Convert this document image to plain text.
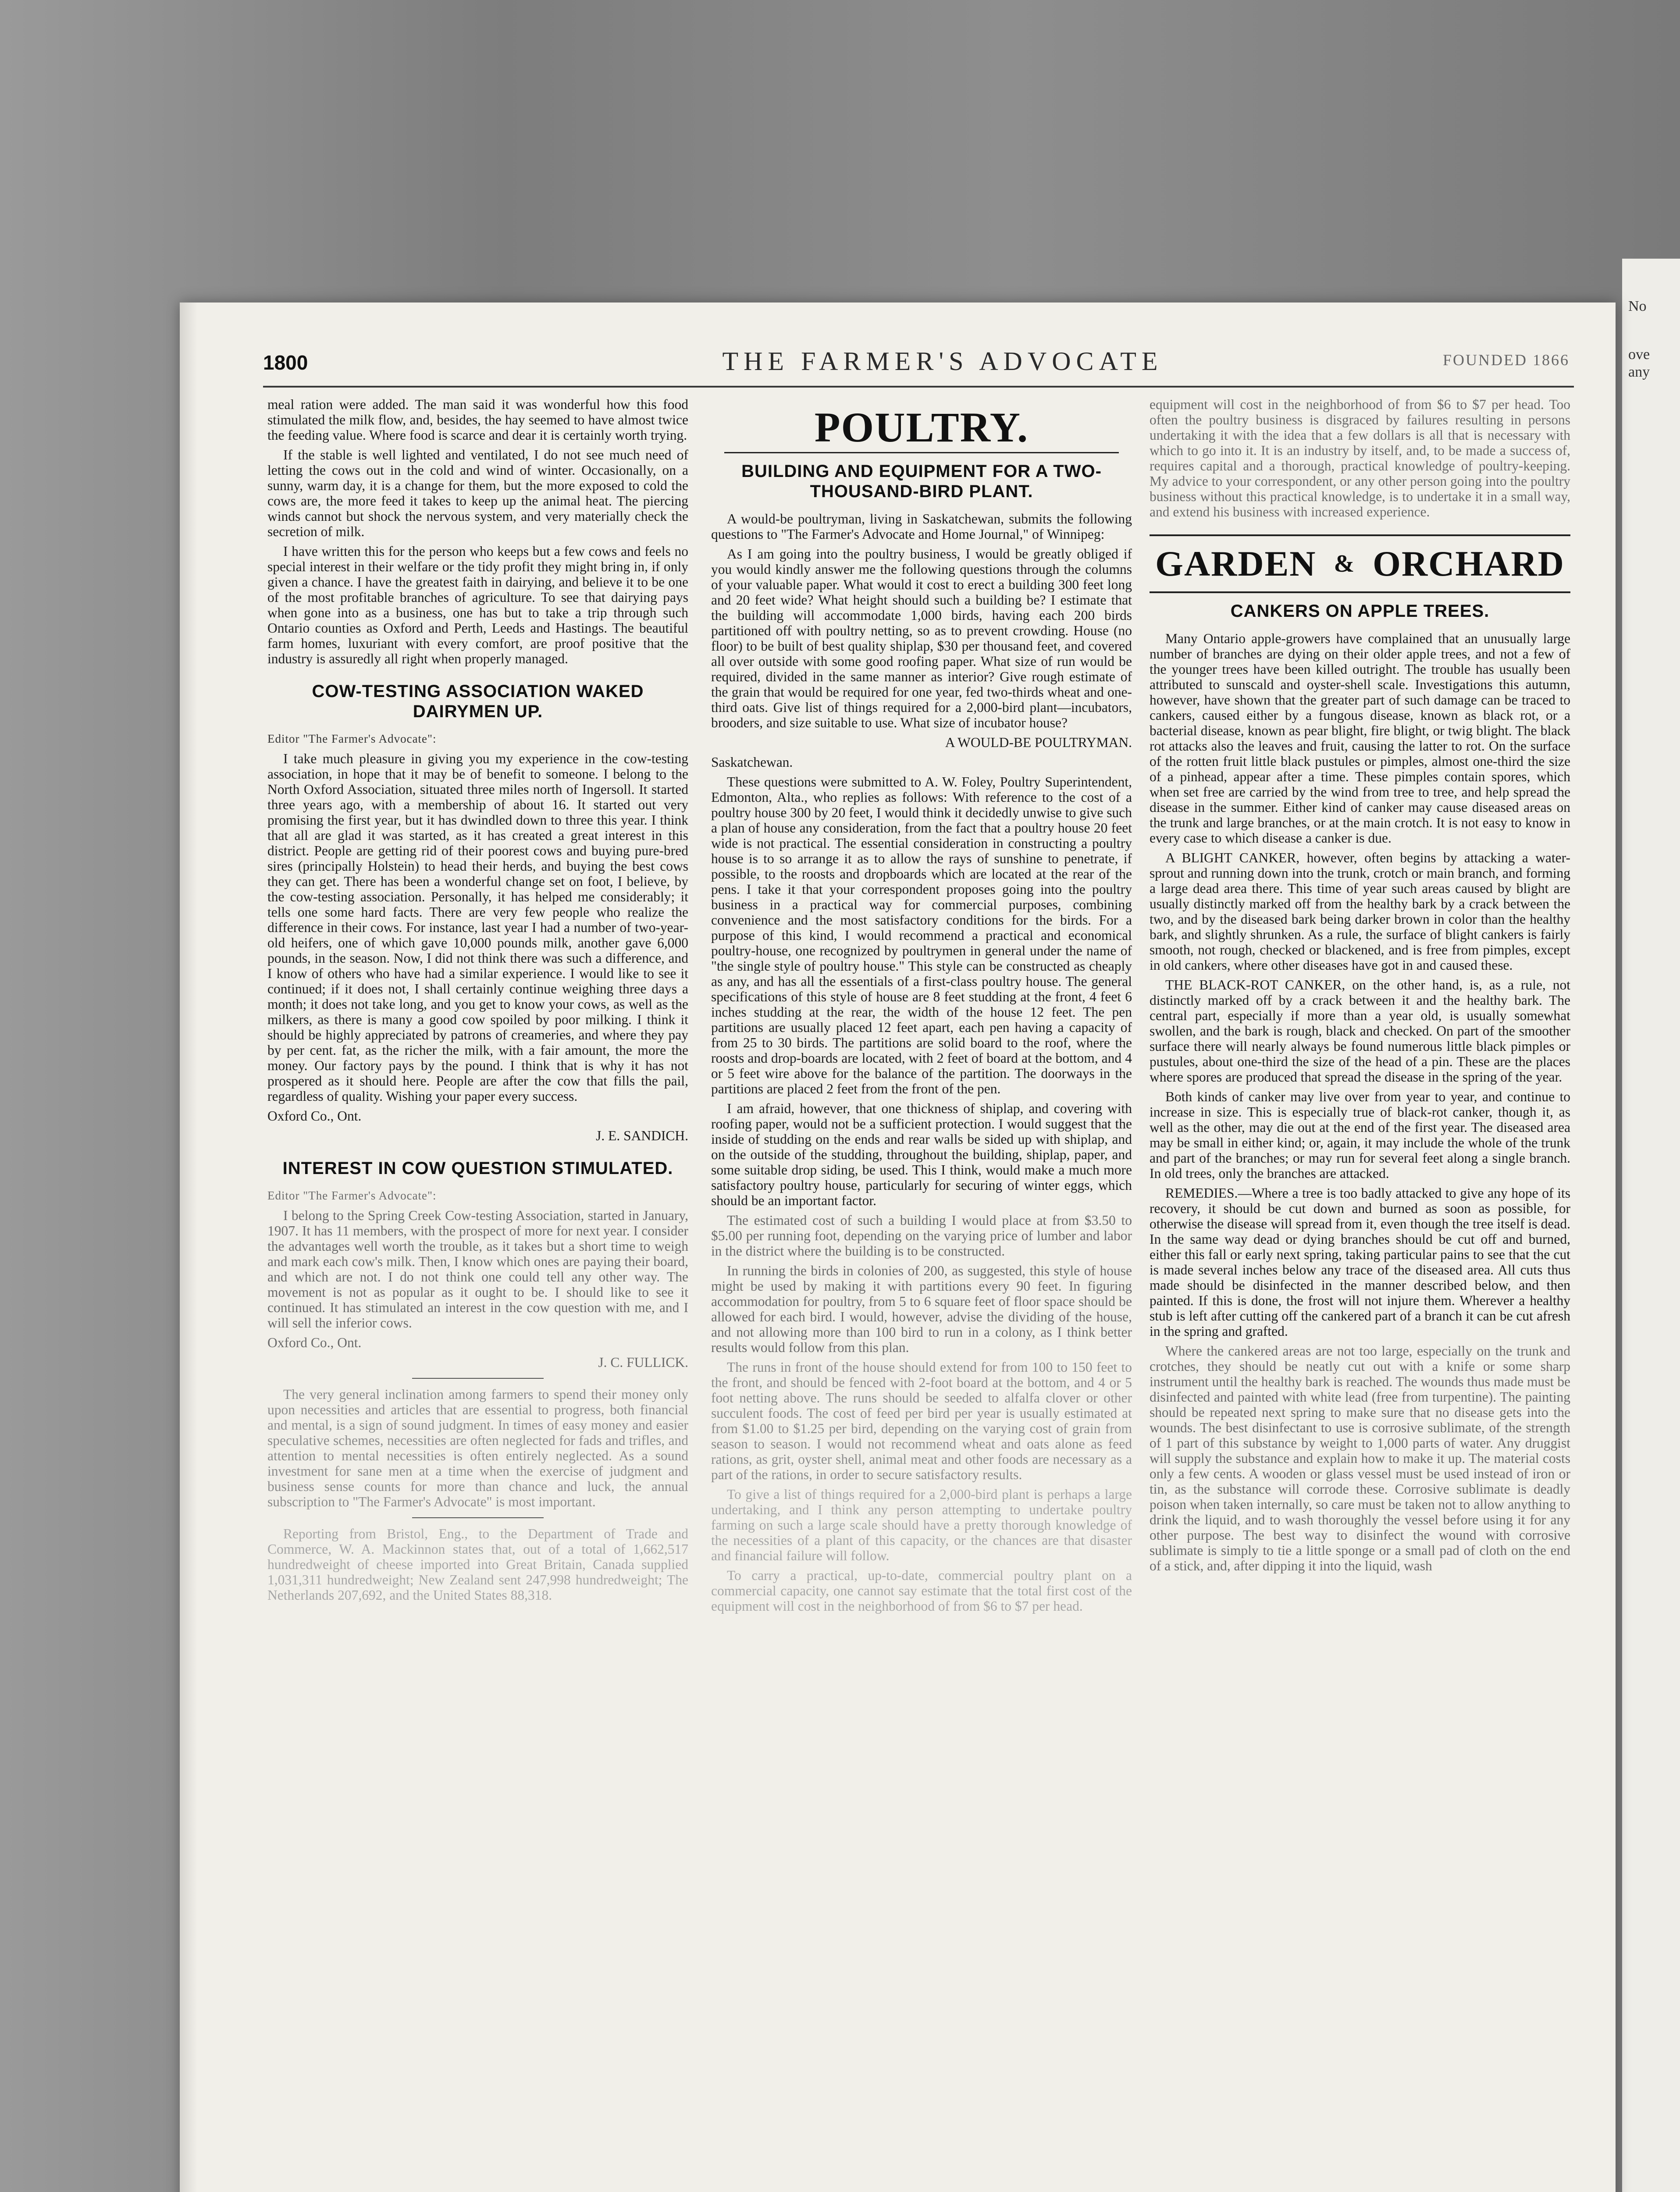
No
ove
any
1800	THE FARMER'S ADVOCATE	FOUNDED 1866

meal ration were added. The man said it was wonderful how this food stimulated the milk flow, and, besides, the hay seemed to have almost twice the feeding value. Where food is scarce and dear it is certainly worth trying.

If the stable is well lighted and ventilated, I do not see much need of letting the cows out in the cold and wind of winter. Occasionally, on a sunny, warm day, it is a change for them, but the more exposed to cold the cows are, the more feed it takes to keep up the animal heat. The piercing winds cannot but shock the nervous system, and very materially check the secretion of milk.

I have written this for the person who keeps but a few cows and feels no special interest in their welfare or the tidy profit they might bring in, if only given a chance. I have the greatest faith in dairying, and believe it to be one of the most profitable branches of agriculture. To see that dairying pays when gone into as a business, one has but to take a trip through such Ontario counties as Oxford and Perth, Leeds and Hastings. The beautiful farm homes, luxuriant with every comfort, are proof positive that the industry is assuredly all right when properly managed.

COW-TESTING ASSOCIATION WAKED DAIRYMEN UP.

Editor "The Farmer's Advocate":

I take much pleasure in giving you my experience in the cow-testing association, in hope that it may be of benefit to someone. I belong to the North Oxford Association, situated three miles north of Ingersoll. It started three years ago, with a membership of about 16. It started out very promising the first year, but it has dwindled down to three this year. I think that all are glad it was started, as it has created a great interest in this district. People are getting rid of their poorest cows and buying pure-bred sires (principally Holstein) to head their herds, and buying the best cows they can get. There has been a wonderful change set on foot, I believe, by the cow-testing association. Personally, it has helped me considerably; it tells one some hard facts. There are very few people who realize the difference in their cows. For instance, last year I had a number of two-year-old heifers, one of which gave 10,000 pounds milk, another gave 6,000 pounds, in the season. Now, I did not think there was such a difference, and I know of others who have had a similar experience. I would like to see it continued; if it does not, I shall certainly continue weighing three days a month; it does not take long, and you get to know your cows, as well as the milkers, as there is many a good cow spoiled by poor milking. I think it should be highly appreciated by patrons of creameries, and where they pay by per cent. fat, as the richer the milk, with a fair amount, the more the money. Our factory pays by the pound. I think that is why it has not prospered as it should here. People are after the cow that fills the pail, regardless of quality. Wishing your paper every success.

Oxford Co., Ont.

J. E. SANDICH.

INTEREST IN COW QUESTION STIMULATED.

Editor "The Farmer's Advocate":

I belong to the Spring Creek Cow-testing Association, started in January, 1907. It has 11 members, with the prospect of more for next year. I consider the advantages well worth the trouble, as it takes but a short time to weigh and mark each cow's milk. Then, I know which ones are paying their board, and which are not. I do not think one could tell any other way. The movement is not as popular as it ought to be. I should like to see it continued. It has stimulated an interest in the cow question with me, and I will sell the inferior cows.

Oxford Co., Ont.

J. C. FULLICK.

The very general inclination among farmers to spend their money only upon necessities and articles that are essential to progress, both financial and mental, is a sign of sound judgment. In times of easy money and easier speculative schemes, necessities are often neglected for fads and trifles, and attention to mental necessities is often entirely neglected. As a sound investment for sane men at a time when the exercise of judgment and business sense counts for more than chance and luck, the annual subscription to "The Farmer's Advocate" is most important.

Reporting from Bristol, Eng., to the Department of Trade and Commerce, W. A. Mackinnon states that, out of a total of 1,662,517 hundredweight of cheese imported into Great Britain, Canada supplied 1,031,311 hundredweight; New Zealand sent 247,998 hundredweight; The Netherlands 207,692, and the United States 88,318.

POULTRY.
BUILDING AND EQUIPMENT FOR A TWO-THOUSAND-BIRD PLANT.

A would-be poultryman, living in Saskatchewan, submits the following questions to "The Farmer's Advocate and Home Journal," of Winnipeg:

As I am going into the poultry business, I would be greatly obliged if you would kindly answer me the following questions through the columns of your valuable paper. What would it cost to erect a building 300 feet long and 20 feet wide? What height should such a building be? I estimate that the building will accommodate 1,000 birds, having each 200 birds partitioned off with poultry netting, so as to prevent crowding. House (no floor) to be built of best quality shiplap, $30 per thousand feet, and covered all over outside with some good roofing paper. What size of run would be required, divided in the same manner as interior? Give rough estimate of the grain that would be required for one year, fed two-thirds wheat and one-third oats. Give list of things required for a 2,000-bird plant—incubators, brooders, and size suitable to use. What size of incubator house?

A WOULD-BE POULTRYMAN.

Saskatchewan.

These questions were submitted to A. W. Foley, Poultry Superintendent, Edmonton, Alta., who replies as follows: With reference to the cost of a poultry house 300 by 20 feet, I would think it decidedly unwise to give such a plan of house any consideration, from the fact that a poultry house 20 feet wide is not practical. The essential consideration in constructing a poultry house is to so arrange it as to allow the rays of sunshine to penetrate, if possible, to the roosts and dropboards which are located at the rear of the pens. I take it that your correspondent proposes going into the poultry business in a practical way for commercial purposes, combining convenience and the most satisfactory conditions for the birds. For a purpose of this kind, I would recommend a practical and economical poultry-house, one recognized by poultrymen in general under the name of "the single style of poultry house." This style can be constructed as cheaply as any, and has all the essentials of a first-class poultry house. The general specifications of this style of house are 8 feet studding at the front, 4 feet 6 inches studding at the rear, the width of the house 12 feet. The pen partitions are usually placed 12 feet apart, each pen having a capacity of from 25 to 30 birds. The partitions are solid board to the roof, where the roosts and drop-boards are located, with 2 feet of board at the bottom, and 4 or 5 feet wire above for the balance of the partition. The doorways in the partitions are placed 2 feet from the front of the pen.

I am afraid, however, that one thickness of shiplap, and covering with roofing paper, would not be a sufficient protection. I would suggest that the inside of studding on the ends and rear walls be sided up with shiplap, and on the outside of the studding, throughout the building, shiplap, paper, and some suitable drop siding, be used. This I think, would make a much more satisfactory poultry house, particularly for securing of winter eggs, which should be an important factor.

The estimated cost of such a building I would place at from $3.50 to $5.00 per running foot, depending on the varying price of lumber and labor in the district where the building is to be constructed.

In running the birds in colonies of 200, as suggested, this style of house might be used by making it with partitions every 90 feet. In figuring accommodation for poultry, from 5 to 6 square feet of floor space should be allowed for each bird. I would, however, advise the dividing of the house, and not allowing more than 100 bird to run in a colony, as I think better results would follow from this plan.

The runs in front of the house should extend for from 100 to 150 feet to the front, and should be fenced with 2-foot board at the bottom, and 4 or 5 foot netting above. The runs should be seeded to alfalfa clover or other succulent foods. The cost of feed per bird per year is usually estimated at from $1.00 to $1.25 per bird, depending on the varying cost of grain from season to season. I would not recommend wheat and oats alone as feed rations, as grit, oyster shell, animal meat and other foods are necessary as a part of the rations, in order to secure satisfactory results.

To give a list of things required for a 2,000-bird plant is perhaps a large undertaking, and I think any person attempting to undertake poultry farming on such a large scale should have a pretty thorough knowledge of the necessities of a plant of this capacity, or the chances are that disaster and financial failure will follow.

To carry a practical, up-to-date, commercial poultry plant on a commercial capacity, one cannot say estimate that the total first cost of the equipment will cost in the neighborhood of from $6 to $7 per head.

equipment will cost in the neighborhood of from $6 to $7 per head. Too often the poultry business is disgraced by failures resulting in persons undertaking it with the idea that a few dollars is all that is necessary with which to go into it. It is an industry by itself, and, to be made a success of, requires capital and a thorough, practical knowledge of poultry-keeping. My advice to your correspondent, or any other person going into the poultry business without this practical knowledge, is to undertake it in a small way, and extend his business with increased experience.

GARDEN & ORCHARD
CANKERS ON APPLE TREES.

Many Ontario apple-growers have complained that an unusually large number of branches are dying on their older apple trees, and not a few of the younger trees have been killed outright. The trouble has usually been attributed to sunscald and oyster-shell scale. Investigations this autumn, however, have shown that the greater part of such damage can be traced to cankers, caused either by a fungous disease, known as black rot, or a bacterial disease, known as pear blight, fire blight, or twig blight. The black rot attacks also the leaves and fruit, causing the latter to rot. On the surface of the rotten fruit little black pustules or pimples, almost one-third the size of a pinhead, appear after a time. These pimples contain spores, which when set free are carried by the wind from tree to tree, and help spread the disease in the summer. Either kind of canker may cause diseased areas on the trunk and large branches, or at the main crotch. It is not easy to know in every case to which disease a canker is due.

A BLIGHT CANKER, however, often begins by attacking a water-sprout and running down into the trunk, crotch or main branch, and forming a large dead area there. This time of year such areas caused by blight are usually distinctly marked off from the healthy bark by a crack between the two, and by the diseased bark being darker brown in color than the healthy bark, and slightly shrunken. As a rule, the surface of blight cankers is fairly smooth, not rough, checked or blackened, and is free from pimples, except in old cankers, where other diseases have got in and caused these.

THE BLACK-ROT CANKER, on the other hand, is, as a rule, not distinctly marked off by a crack between it and the healthy bark. The central part, especially if more than a year old, is usually somewhat swollen, and the bark is rough, black and checked. On part of the smoother surface there will nearly always be found numerous little black pimples or pustules, about one-third the size of the head of a pin. These are the places where spores are produced that spread the disease in the spring of the year.

Both kinds of canker may live over from year to year, and continue to increase in size. This is especially true of black-rot canker, though it, as well as the other, may die out at the end of the first year. The diseased area may be small in either kind; or, again, it may include the whole of the trunk and part of the branches; or may run for several feet along a single branch. In old trees, only the branches are attacked.

REMEDIES.—Where a tree is too badly attacked to give any hope of its recovery, it should be cut down and burned as soon as possible, for otherwise the disease will spread from it, even though the tree itself is dead. In the same way dead or dying branches should be cut off and burned, either this fall or early next spring, taking particular pains to see that the cut is made several inches below any trace of the diseased area. All cuts thus made should be disinfected in the manner described below, and then painted. If this is done, the frost will not injure them. Wherever a healthy stub is left after cutting off the cankered part of a branch it can be cut afresh in the spring and grafted.

Where the cankered areas are not too large, especially on the trunk and crotches, they should be neatly cut out with a knife or some sharp instrument until the healthy bark is reached. The wounds thus made must be disinfected and painted with white lead (free from turpentine). The painting should be repeated next spring to make sure that no disease gets into the wounds. The best disinfectant to use is corrosive sublimate, of the strength of 1 part of this substance by weight to 1,000 parts of water. Any druggist will supply the substance and explain how to make it up. The material costs only a few cents. A wooden or glass vessel must be used instead of iron or tin, as the substance will corrode these. Corrosive sublimate is deadly poison when taken internally, so care must be taken not to allow anything to drink the liquid, and to wash thoroughly the vessel before using it for any other purpose. The best way to disinfect the wound with corrosive sublimate is simply to tie a little sponge or a small pad of cloth on the end of a stick, and, after dipping it into the liquid, wash
